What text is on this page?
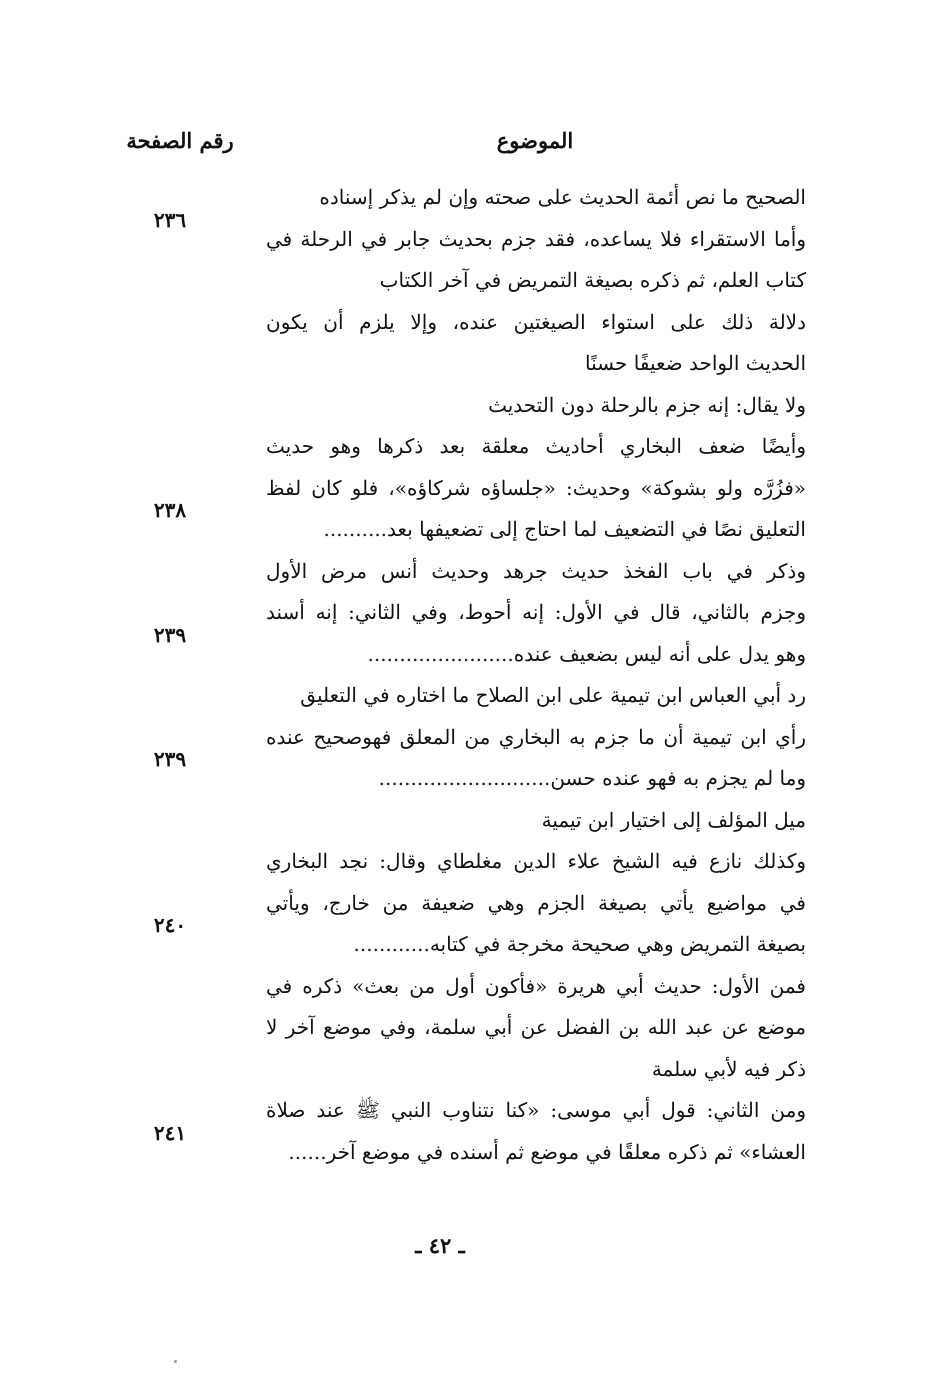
الموضوع
رقم الصفحة
الصحيح ما نص أئمة الحديث على صحته وإن لم يذكر إسناده
وأما الاستقراء فلا يساعده، فقد جزم بحديث جابر في الرحلة في
٢٣٦
كتاب العلم، ثم ذكره بصيغة التمريض في آخر الكتاب
دلالة ذلك على استواء الصيغتين عنده، وإلا يلزم أن يكون
الحديث الواحد ضعيفًا حسنًا
ولا يقال: إنه جزم بالرحلة دون التحديث
وأيضًا ضعف البخاري أحاديث معلقة بعد ذكرها وهو حديث
«فزُرَّه ولو بشوكة» وحديث: «جلساؤه شركاؤه»، فلو كان لفظ
التعليق نصًا في التضعيف لما احتاج إلى تضعيفها بعد..........
٢٣٨
وذكر في باب الفخذ حديث جرهد وحديث أنس مرض الأول
وجزم بالثاني، قال في الأول: إنه أحوط، وفي الثاني: إنه أسند
وهو يدل على أنه ليس بضعيف عنده.......................
٢٣٩
رد أبي العباس ابن تيمية على ابن الصلاح ما اختاره في التعليق
رأي ابن تيمية أن ما جزم به البخاري من المعلق فهوصحيح عنده
وما لم يجزم به فهو عنده حسن...........................
٢٣٩
ميل المؤلف إلى اختيار ابن تيمية
وكذلك نازع فيه الشيخ علاء الدين مغلطاي وقال: نجد البخاري
في مواضيع يأتي بصيغة الجزم وهي ضعيفة من خارج، ويأتي
بصيغة التمريض وهي صحيحة مخرجة في كتابه............
٢٤٠
فمن الأول: حديث أبي هريرة «فأكون أول من بعث» ذكره في
موضع عن عبد الله بن الفضل عن أبي سلمة، وفي موضع آخر لا
ذكر فيه لأبي سلمة
ومن الثاني: قول أبي موسى: «كنا نتناوب النبي ﷺ عند صلاة
العشاء» ثم ذكره معلقًا في موضع ثم أسنده في موضع آخر......
٢٤١
ـ ٤٢ ـ
